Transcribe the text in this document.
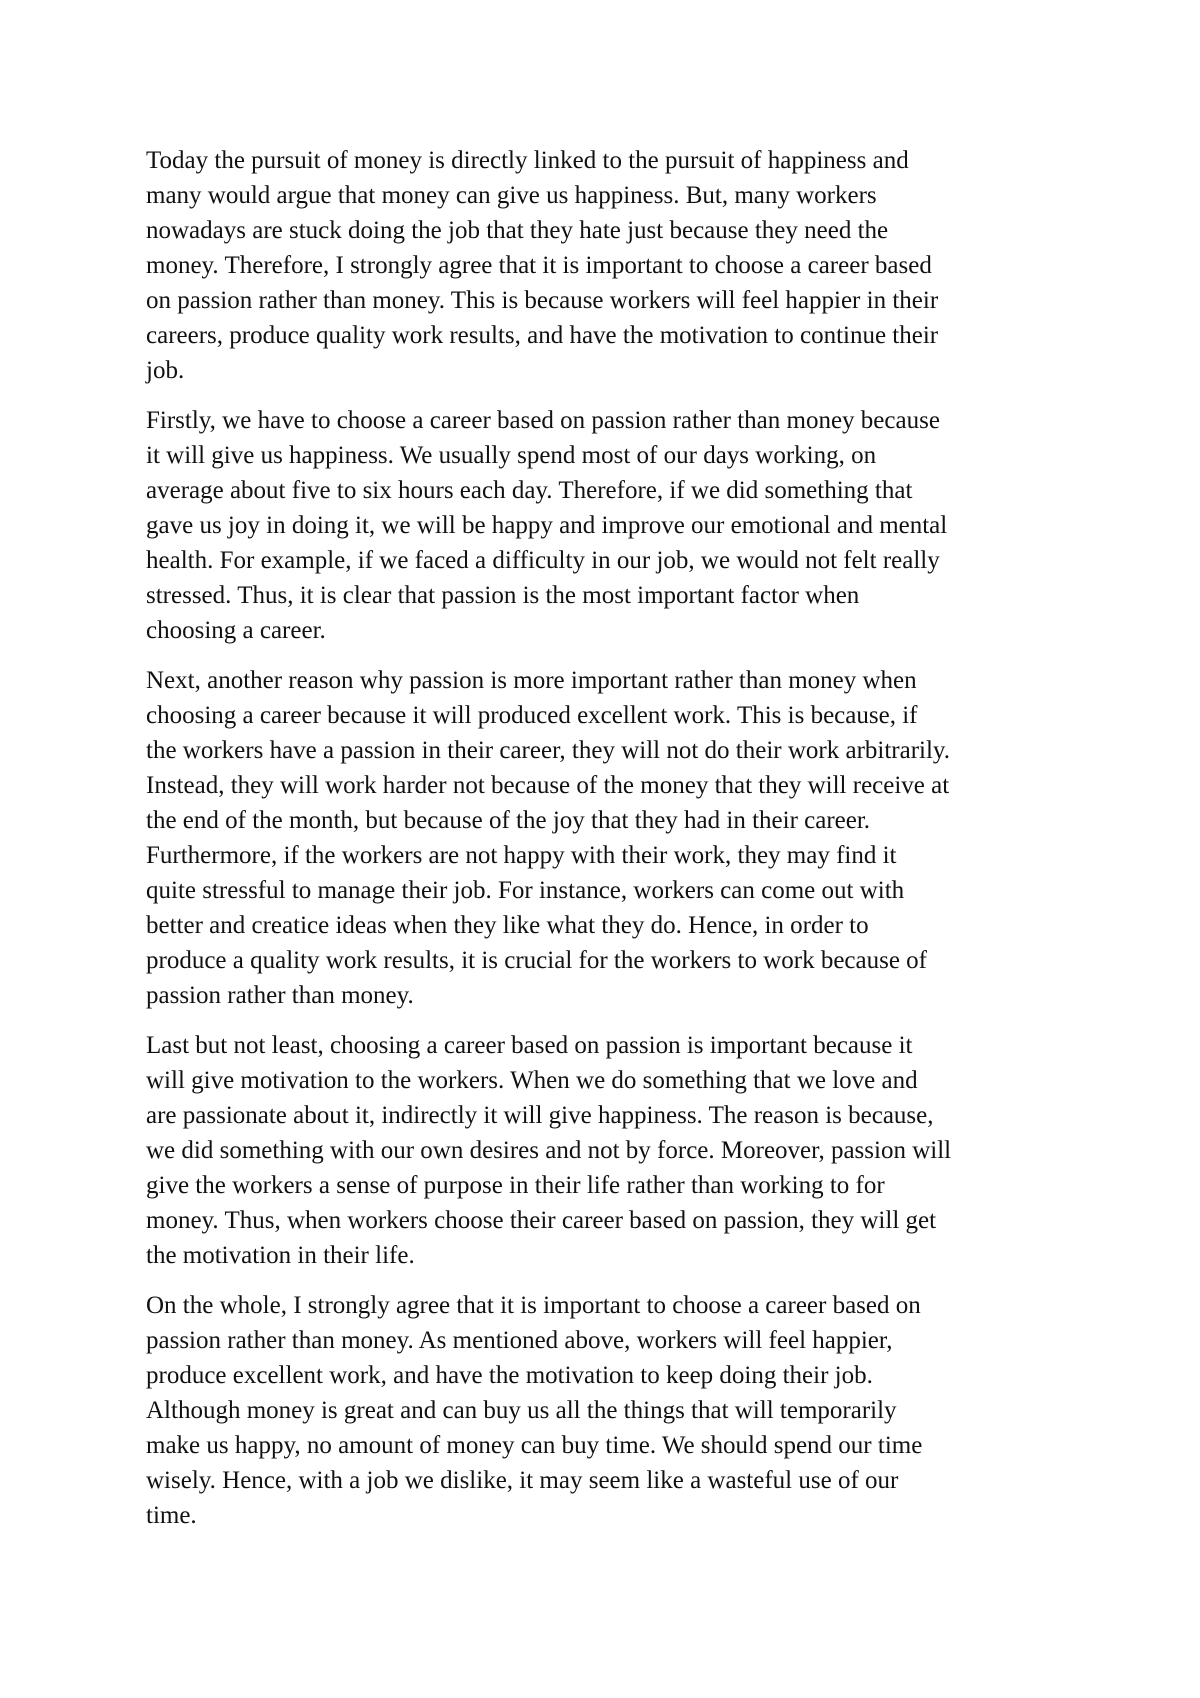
Today the pursuit of money is directly linked to the pursuit of happiness and
many would argue that money can give us happiness. But, many workers
nowadays are stuck doing the job that they hate just because they need the
money. Therefore, I strongly agree that it is important to choose a career based
on passion rather than money. This is because workers will feel happier in their
careers, produce quality work results, and have the motivation to continue their
job.

Firstly, we have to choose a career based on passion rather than money because
it will give us happiness. We usually spend most of our days working, on
average about five to six hours each day. Therefore, if we did something that
gave us joy in doing it, we will be happy and improve our emotional and mental
health. For example, if we faced a difficulty in our job, we would not felt really
stressed. Thus, it is clear that passion is the most important factor when
choosing a career.

Next, another reason why passion is more important rather than money when
choosing a career because it will produced excellent work. This is because, if
the workers have a passion in their career, they will not do their work arbitrarily.
Instead, they will work harder not because of the money that they will receive at
the end of the month, but because of the joy that they had in their career.
Furthermore, if the workers are not happy with their work, they may find it
quite stressful to manage their job. For instance, workers can come out with
better and creatice ideas when they like what they do. Hence, in order to
produce a quality work results, it is crucial for the workers to work because of
passion rather than money.

Last but not least, choosing a career based on passion is important because it
will give motivation to the workers. When we do something that we love and
are passionate about it, indirectly it will give happiness. The reason is because,
we did something with our own desires and not by force. Moreover, passion will
give the workers a sense of purpose in their life rather than working to for
money. Thus, when workers choose their career based on passion, they will get
the motivation in their life.

On the whole, I strongly agree that it is important to choose a career based on
passion rather than money. As mentioned above, workers will feel happier,
produce excellent work, and have the motivation to keep doing their job.
Although money is great and can buy us all the things that will temporarily
make us happy, no amount of money can buy time. We should spend our time
wisely. Hence, with a job we dislike, it may seem like a wasteful use of our
time.
